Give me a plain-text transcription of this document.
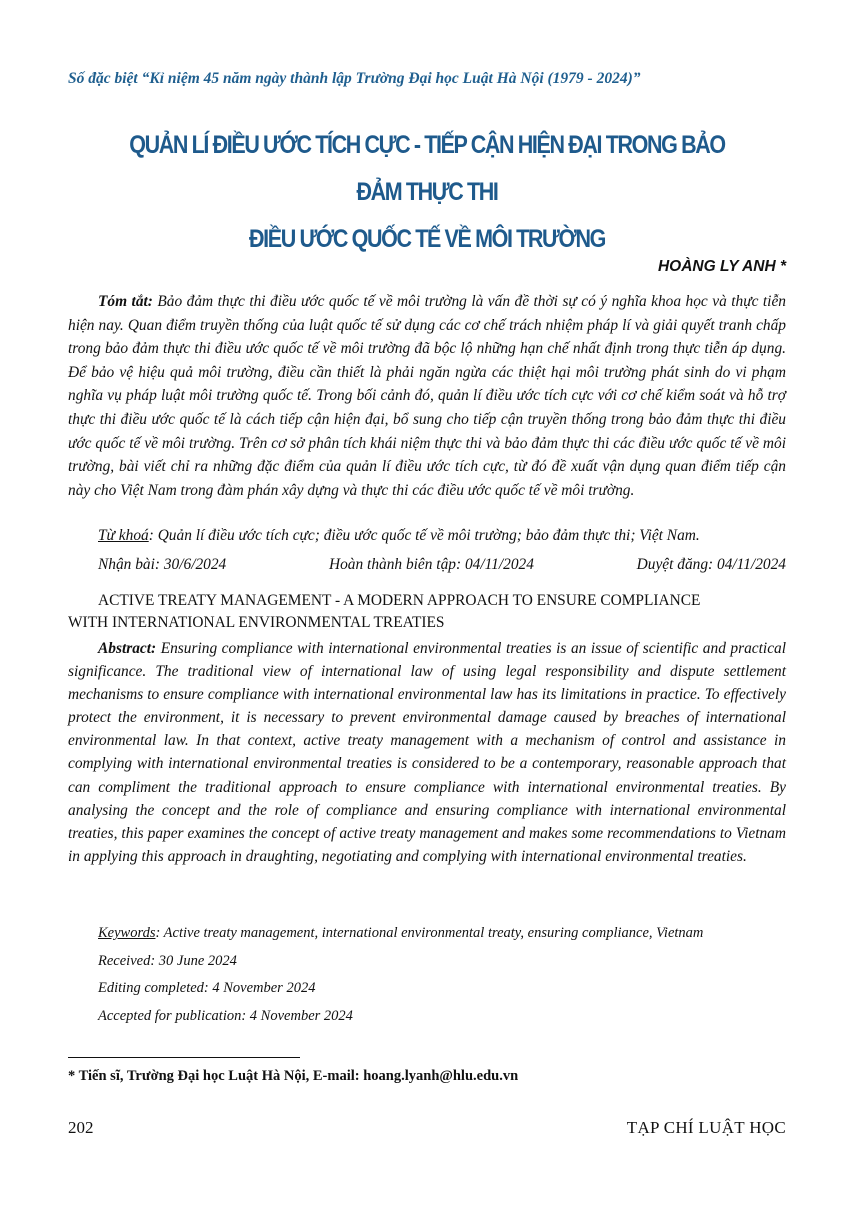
Số đặc biệt “Kỉ niệm 45 năm ngày thành lập Trường Đại học Luật Hà Nội (1979 - 2024)”
QUẢN LÍ ĐIỀU ƯỚC TÍCH CỰC - TIẾP CẬN HIỆN ĐẠI TRONG BẢO ĐẢM THỰC THI
ĐIỀU ƯỚC QUỐC TẾ VỀ MÔI TRƯỜNG
HOÀNG LY ANH *
Tóm tắt: Bảo đảm thực thi điều ước quốc tế về môi trường là vấn đề thời sự có ý nghĩa khoa học và thực tiễn hiện nay. Quan điểm truyền thống của luật quốc tế sử dụng các cơ chế trách nhiệm pháp lí và giải quyết tranh chấp trong bảo đảm thực thi điều ước quốc tế về môi trường đã bộc lộ những hạn chế nhất định trong thực tiễn áp dụng. Để bảo vệ hiệu quả môi trường, điều cần thiết là phải ngăn ngừa các thiệt hại môi trường phát sinh do vi phạm nghĩa vụ pháp luật môi trường quốc tế. Trong bối cảnh đó, quản lí điều ước tích cực với cơ chế kiểm soát và hỗ trợ thực thi điều ước quốc tế là cách tiếp cận hiện đại, bổ sung cho tiếp cận truyền thống trong bảo đảm thực thi điều ước quốc tế về môi trường. Trên cơ sở phân tích khái niệm thực thi và bảo đảm thực thi các điều ước quốc tế về môi trường, bài viết chỉ ra những đặc điểm của quản lí điều ước tích cực, từ đó đề xuất vận dụng quan điểm tiếp cận này cho Việt Nam trong đàm phán xây dựng và thực thi các điều ước quốc tế về môi trường.
Từ khoá: Quản lí điều ước tích cực; điều ước quốc tế về môi trường; bảo đảm thực thi; Việt Nam.
Nhận bài: 30/6/2024	Hoàn thành biên tập: 04/11/2024	Duyệt đăng: 04/11/2024
ACTIVE TREATY MANAGEMENT - A MODERN APPROACH TO ENSURE COMPLIANCE
WITH INTERNATIONAL ENVIRONMENTAL TREATIES
Abstract: Ensuring compliance with international environmental treaties is an issue of scientific and practical significance. The traditional view of international law of using legal responsibility and dispute settlement mechanisms to ensure compliance with international environmental law has its limitations in practice. To effectively protect the environment, it is necessary to prevent environmental damage caused by breaches of international environmental law. In that context, active treaty management with a mechanism of control and assistance in complying with international environmental treaties is considered to be a contemporary, reasonable approach that can compliment the traditional approach to ensure compliance with international environmental treaties. By analysing the concept and the role of compliance and ensuring compliance with international environmental treaties, this paper examines the concept of active treaty management and makes some recommendations to Vietnam in applying this approach in draughting, negotiating and complying with international environmental treaties.
Keywords: Active treaty management, international environmental treaty, ensuring compliance, Vietnam
Received: 30 June 2024
Editing completed: 4 November 2024
Accepted for publication: 4 November 2024
* Tiến sĩ, Trường Đại học Luật Hà Nội, E-mail: hoang.lyanh@hlu.edu.vn
202	TẠP CHÍ LUẬT HỌC
